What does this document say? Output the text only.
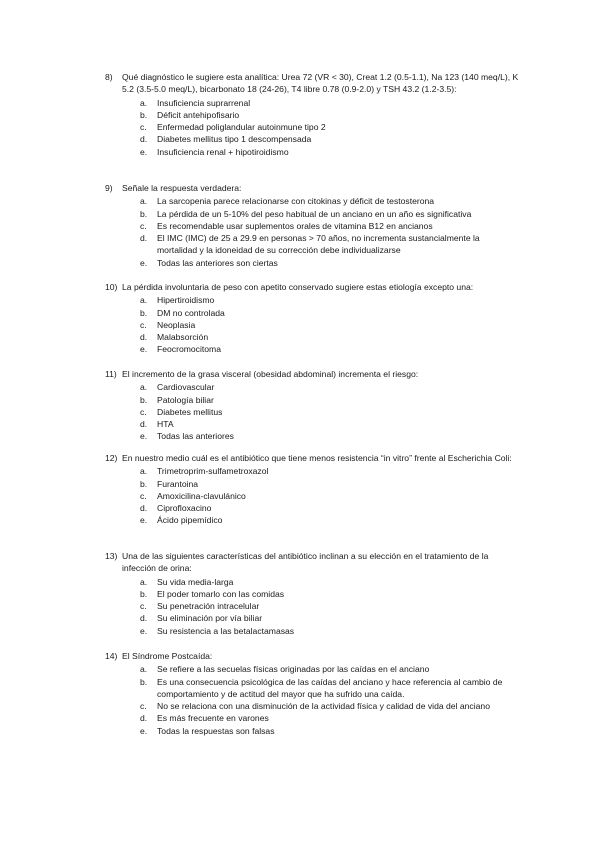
8) Qué diagnóstico le sugiere esta analítica: Urea 72 (VR < 30), Creat 1.2 (0.5-1.1), Na 123 (140 meq/L), K 5.2 (3.5-5.0 meq/L), bicarbonato 18 (24-26), T4 libre 0.78 (0.9-2.0) y TSH 43.2 (1.2-3.5):
a. Insuficiencia suprarrenal
b. Déficit antehipofisario
c. Enfermedad poliglandular autoinmune tipo 2
d. Diabetes mellitus tipo 1 descompensada
e. Insuficiencia renal + hipotiroidismo
9) Señale la respuesta verdadera:
a. La sarcopenia parece relacionarse con citokinas y déficit de testosterona
b. La pérdida de un 5-10% del peso habitual de un anciano en un año es significativa
c. Es recomendable usar suplementos orales de vitamina B12 en ancianos
d. El IMC (IMC) de 25 a 29.9 en personas > 70 años, no incrementa sustancialmente la mortalidad y la idoneidad de su corrección debe individualizarse
e. Todas las anteriores son ciertas
10) La pérdida involuntaria de peso con apetito conservado sugiere estas etiología excepto una:
a. Hipertiroidismo
b. DM no controlada
c. Neoplasia
d. Malabsorción
e. Feocromocitoma
11) El incremento de la grasa visceral (obesidad abdominal) incrementa el riesgo:
a. Cardiovascular
b. Patología biliar
c. Diabetes mellitus
d. HTA
e. Todas las anteriores
12) En nuestro medio cuál es el antibiótico que tiene menos resistencia “in vitro” frente al Escherichia Coli:
a. Trimetroprim-sulfametroxazol
b. Furantoina
c. Amoxicilina-clavulánico
d. Ciprofloxacino
e. Ácido pipemídico
13) Una de las siguientes características del antibiótico inclinan a su elección en el tratamiento de la infección de orina:
a. Su vida media-larga
b. El poder tomarlo con las comidas
c. Su penetración intracelular
d. Su eliminación por vía biliar
e. Su resistencia a las betalactamasas
14) El Síndrome Postcaída:
a. Se refiere a las secuelas físicas originadas por las caídas en el anciano
b. Es una consecuencia psicológica de las caídas del anciano y hace referencia al cambio de comportamiento y de actitud del mayor que ha sufrido una caída.
c. No se relaciona con una disminución de la actividad física y calidad de vida del anciano
d. Es más frecuente en varones
e. Todas la respuestas son falsas
